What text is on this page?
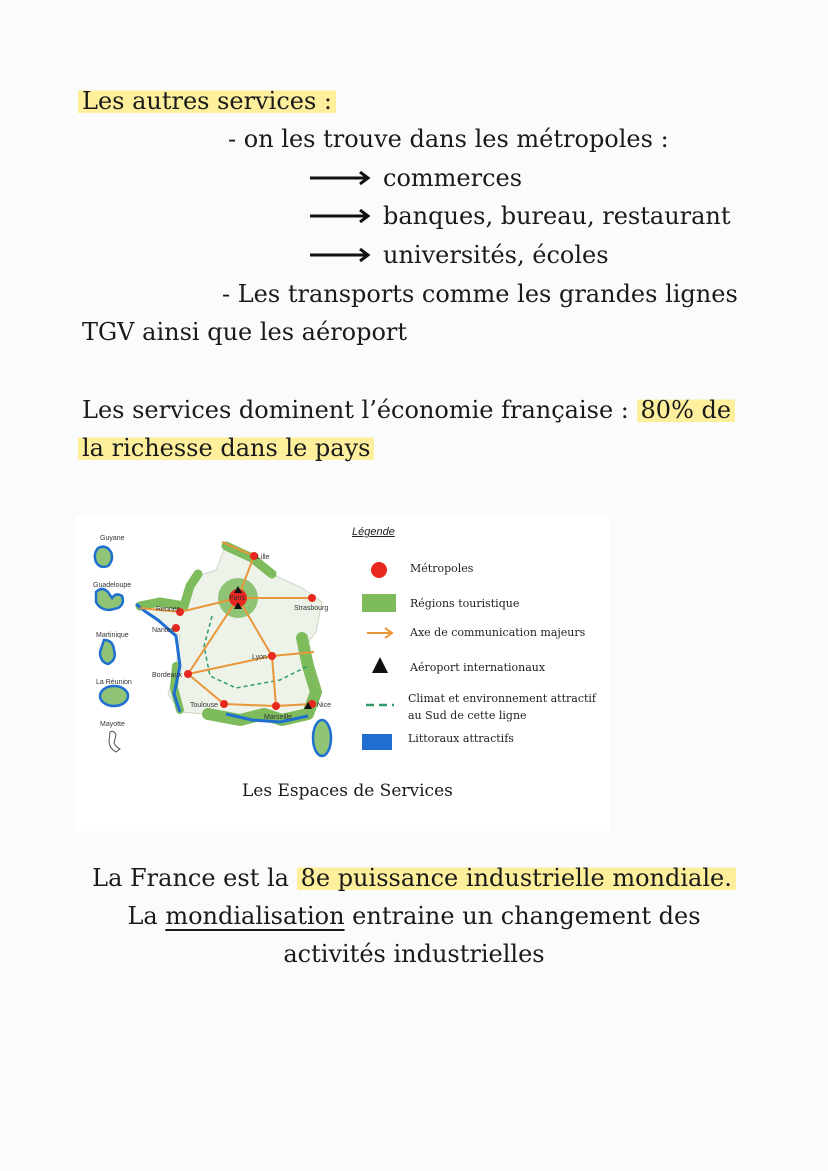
Les autres services :
- on les trouve dans les métropoles :
commerces
banques, bureau, restaurant
universités, écoles
- Les transports comme les grandes lignes
TGV ainsi que les aéroport
Les services dominent l’économie française : 80% de
la richesse dans le pays
Guyane
Guadeloupe
Martinique
La Réunion
Mayotte
Lille
Paris
Strasbourg
Rennes
Nantes
Lyon
Bordeaux
Toulouse
Marseille
Nice
Légende
Métropoles
Régions touristique
Axe de communication majeurs
Aéroport internationaux
Climat et environnement attractif
au Sud de cette ligne
Littoraux attractifs
Les Espaces de Services
La France est la 8e puissance industrielle mondiale.
La mondialisation entraine un changement des
activités industrielles
